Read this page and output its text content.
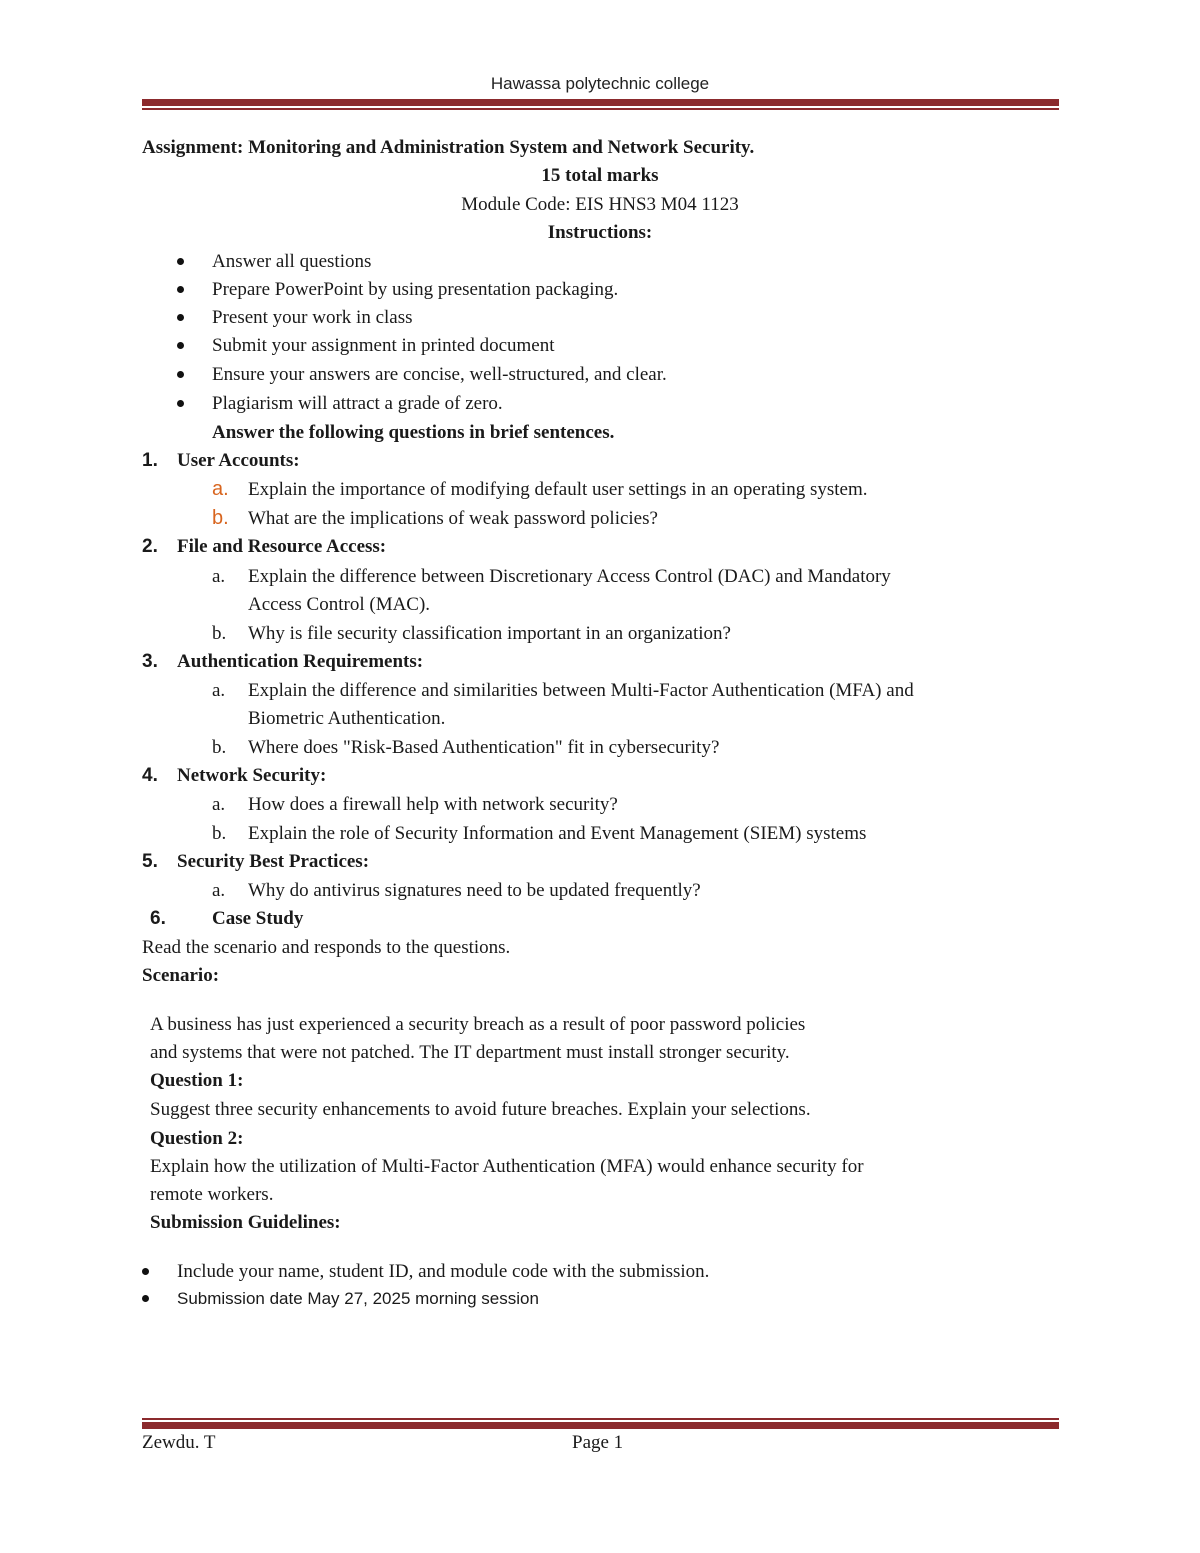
Hawassa polytechnic college
Assignment: Monitoring and Administration System and Network Security.
15 total marks
Module Code: EIS HNS3 M04 1123
Instructions:
Answer all questions
Prepare PowerPoint by using presentation packaging.
Present your work in class
Submit your assignment in printed document
Ensure your answers are concise, well-structured, and clear.
Plagiarism will attract a grade of zero.
Answer the following questions in brief sentences.
1. User Accounts:
a. Explain the importance of modifying default user settings in an operating system.
b. What are the implications of weak password policies?
2. File and Resource Access:
a. Explain the difference between Discretionary Access Control (DAC) and Mandatory
Access Control (MAC).
b. Why is file security classification important in an organization?
3. Authentication Requirements:
a. Explain the difference and similarities between Multi-Factor Authentication (MFA) and
Biometric Authentication.
b. Where does "Risk-Based Authentication" fit in cybersecurity?
4. Network Security:
a. How does a firewall help with network security?
b. Explain the role of Security Information and Event Management (SIEM) systems
5. Security Best Practices:
a. Why do antivirus signatures need to be updated frequently?
6. Case Study
Read the scenario and responds to the questions.
Scenario:
A business has just experienced a security breach as a result of poor password policies
and systems that were not patched. The IT department must install stronger security.
Question 1:
Suggest three security enhancements to avoid future breaches. Explain your selections.
Question 2:
Explain how the utilization of Multi-Factor Authentication (MFA) would enhance security for
remote workers.
Submission Guidelines:
Include your name, student ID, and module code with the submission.
Submission date May 27, 2025 morning session
Zewdu. T	Page 1
